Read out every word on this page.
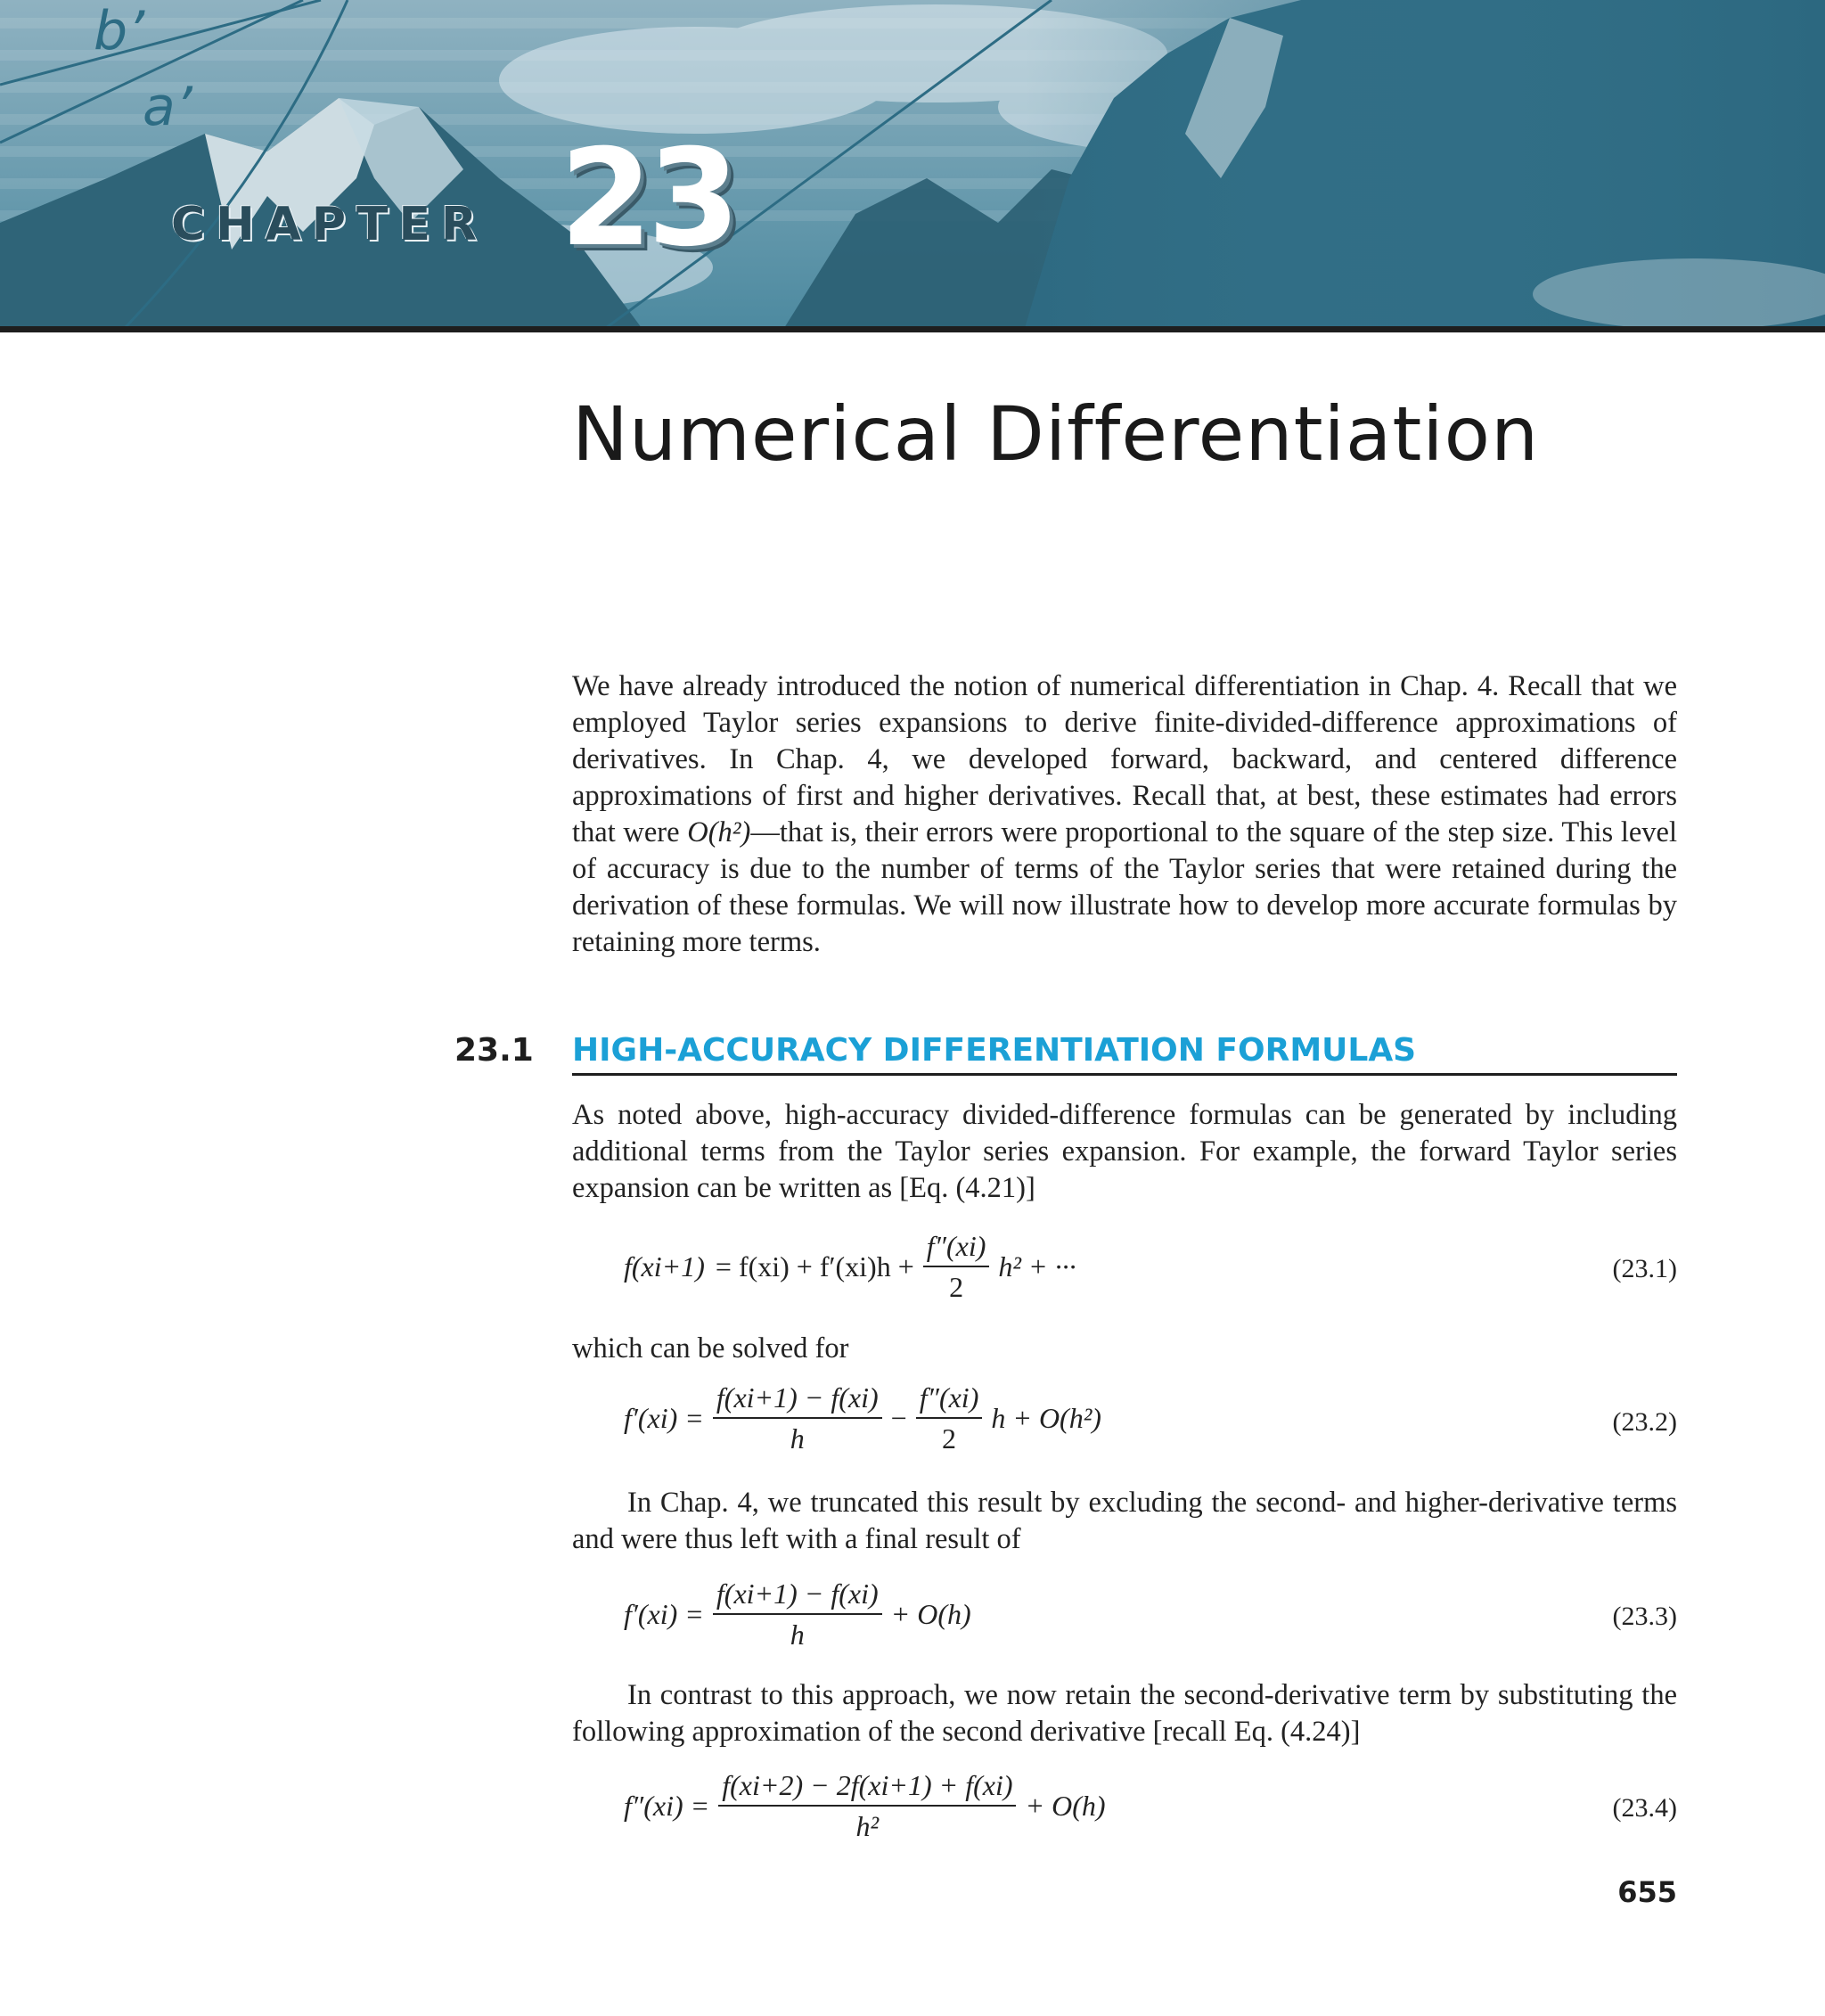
b’
a’
CHAPTER 23
Numerical Differentiation

We have already introduced the notion of numerical differentiation in Chap. 4. Recall that we employed Taylor series expansions to derive finite-divided-difference approximations of derivatives. In Chap. 4, we developed forward, backward, and centered difference approximations of first and higher derivatives. Recall that, at best, these estimates had errors that were O(h²)—that is, their errors were proportional to the square of the step size. This level of accuracy is due to the number of terms of the Taylor series that were retained during the derivation of these formulas. We will now illustrate how to develop more accurate formulas by retaining more terms.

23.1 HIGH-ACCURACY DIFFERENTIATION FORMULAS

As noted above, high-accuracy divided-difference formulas can be generated by including additional terms from the Taylor series expansion. For example, the forward Taylor series expansion can be written as [Eq. (4.21)]

$f(xi+1) = f(xi) + f'(xi)h + \frac{f''(xi)}{2} h^2$ + ···	(23.1)

which can be solved for

$f'(xi) = \frac{f(xi+1) - f(xi)}{h} - \frac{f''(xi)}{2}$ h + O(h²)	(23.2)

In Chap. 4, we truncated this result by excluding the second- and higher-derivative terms and were thus left with a final result of

$f'(xi) = \frac{f(xi+1) - f(xi)}{h} + O(h)$	(23.3)

In contrast to this approach, we now retain the second-derivative term by substituting the following approximation of the second derivative [recall Eq. (4.24)]

$f''(xi) = \frac{f(xi+2) - 2f(xi+1) + f(xi)}{\text{h²}} + O(h)$	(23.4)
655
